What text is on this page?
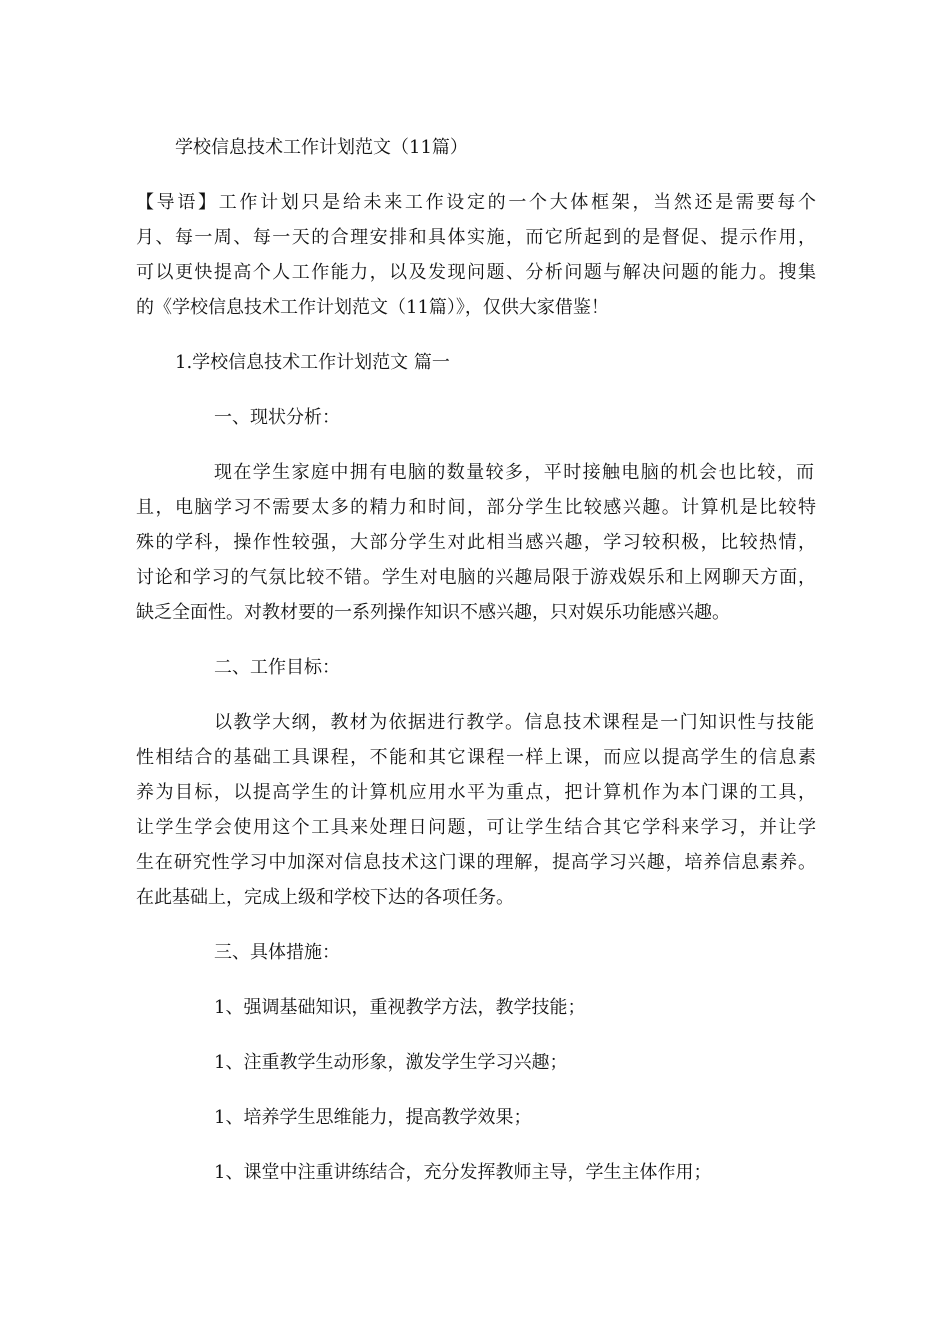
学校信息技术工作计划范文（11篇）
【导语】工作计划只是给未来工作设定的一个大体框架，当然还是需要每个
月、每一周、每一天的合理安排和具体实施，而它所起到的是督促、提示作用，
可以更快提高个人工作能力，以及发现问题、分析问题与解决问题的能力。搜集
的《学校信息技术工作计划范文（11篇）》，仅供大家借鉴！
1.学校信息技术工作计划范文 篇一
一、现状分析：
现在学生家庭中拥有电脑的数量较多，平时接触电脑的机会也比较，而
且，电脑学习不需要太多的精力和时间，部分学生比较感兴趣。计算机是比较特
殊的学科，操作性较强，大部分学生对此相当感兴趣，学习较积极，比较热情，
讨论和学习的气氛比较不错。学生对电脑的兴趣局限于游戏娱乐和上网聊天方面，
缺乏全面性。对教材要的一系列操作知识不感兴趣，只对娱乐功能感兴趣。
二、工作目标：
以教学大纲，教材为依据进行教学。信息技术课程是一门知识性与技能
性相结合的基础工具课程，不能和其它课程一样上课，而应以提高学生的信息素
养为目标，以提高学生的计算机应用水平为重点，把计算机作为本门课的工具，
让学生学会使用这个工具来处理日问题，可让学生结合其它学科来学习，并让学
生在研究性学习中加深对信息技术这门课的理解，提高学习兴趣，培养信息素养。
在此基础上，完成上级和学校下达的各项任务。
三、具体措施：
1、强调基础知识，重视教学方法，教学技能；
1、注重教学生动形象，激发学生学习兴趣；
1、培养学生思维能力，提高教学效果；
1、课堂中注重讲练结合，充分发挥教师主导，学生主体作用；
